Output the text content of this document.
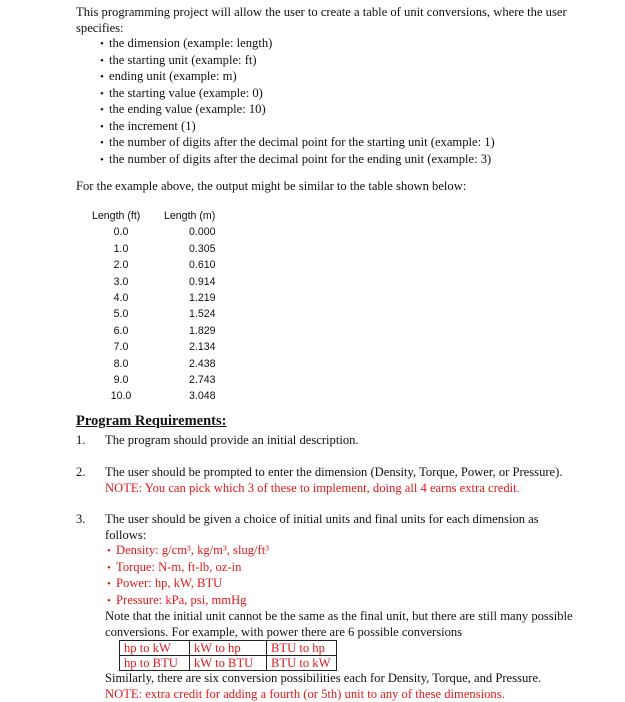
This programming project will allow the user to create a table of unit conversions, where the user
specifies:
• the dimension (example: length)
• the starting unit (example: ft)
• ending unit (example: m)
• the starting value (example: 0)
• the ending value (example: 10)
• the increment (1)
• the number of digits after the decimal point for the starting unit (example: 1)
• the number of digits after the decimal point for the ending unit (example: 3)
For the example above, the output might be similar to the table shown below:
Length (ft)	Length (m)
0.0	0.000
1.0	0.305
2.0	0.610
3.0	0.914
4.0	1.219
5.0	1.524
6.0	1.829
7.0	2.134
8.0	2.438
9.0	2.743
10.0	3.048
Program Requirements:
1. The program should provide an initial description.
2. The user should be prompted to enter the dimension (Density, Torque, Power, or Pressure).
NOTE: You can pick which 3 of these to implement, doing all 4 earns extra credit.
3. The user should be given a choice of initial units and final units for each dimension as
follows:
• Density: g/cm³, kg/m³, slug/ft³
• Torque: N-m, ft-lb, oz-in
• Power: hp, kW, BTU
• Pressure: kPa, psi, mmHg
Note that the initial unit cannot be the same as the final unit, but there are still many possible
conversions. For example, with power there are 6 possible conversions
hp to kW	kW to hp	BTU to hp
hp to BTU	kW to BTU	BTU to kW
Similarly, there are six conversion possibilities each for Density, Torque, and Pressure.
NOTE: extra credit for adding a fourth (or 5th) unit to any of these dimensions.
